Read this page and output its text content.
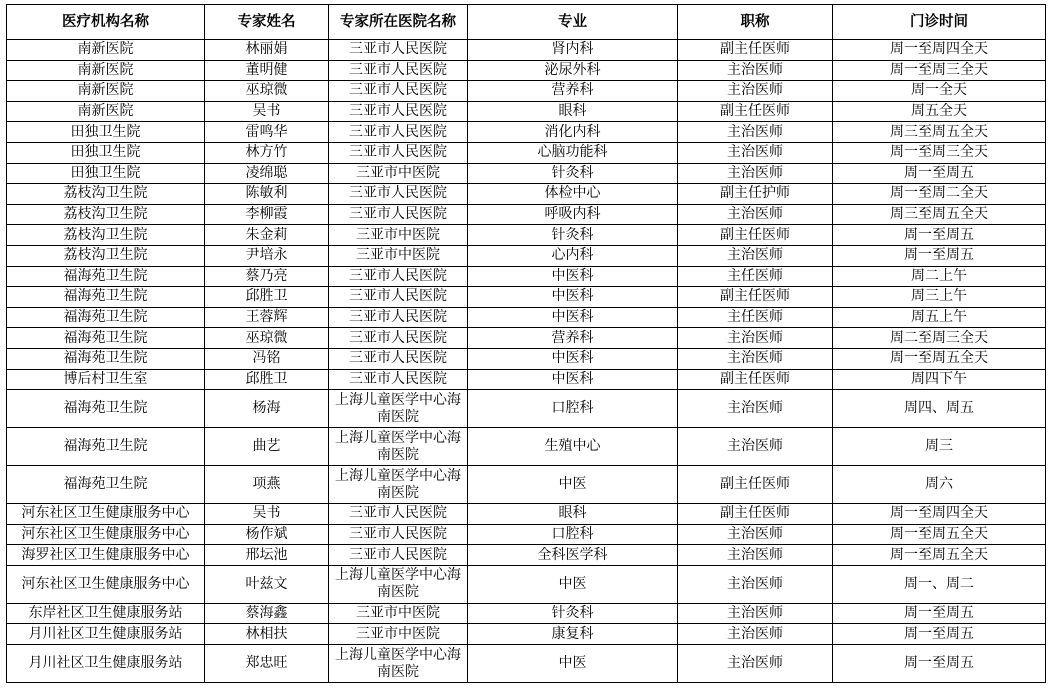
医疗机构名称	专家姓名	专家所在医院名称	专业	职称	门诊时间
南新医院	林丽娟	三亚市人民医院	肾内科	副主任医师	周一至周四全天
南新医院	董明健	三亚市人民医院	泌尿外科	主治医师	周一至周三全天
南新医院	巫琼微	三亚市人民医院	营养科	主治医师	周一全天
南新医院	吴书	三亚市人民医院	眼科	副主任医师	周五全天
田独卫生院	雷鸣华	三亚市人民医院	消化内科	主治医师	周三至周五全天
田独卫生院	林方竹	三亚市人民医院	心脑功能科	主治医师	周一至周三全天
田独卫生院	凌绵聪	三亚市中医院	针灸科	主治医师	周一至周五
荔枝沟卫生院	陈敏利	三亚市人民医院	体检中心	副主任护师	周一至周二全天
荔枝沟卫生院	李柳霞	三亚市人民医院	呼吸内科	主治医师	周三至周五全天
荔枝沟卫生院	朱金莉	三亚市中医院	针灸科	副主任医师	周一至周五
荔枝沟卫生院	尹培永	三亚市中医院	心内科	主治医师	周一至周五
福海苑卫生院	蔡乃亮	三亚市人民医院	中医科	主任医师	周二上午
福海苑卫生院	邱胜卫	三亚市人民医院	中医科	副主任医师	周三上午
福海苑卫生院	王蓉辉	三亚市人民医院	中医科	主任医师	周五上午
福海苑卫生院	巫琼微	三亚市人民医院	营养科	主治医师	周二至周三全天
福海苑卫生院	冯铭	三亚市人民医院	中医科	主治医师	周一至周五全天
博后村卫生室	邱胜卫	三亚市人民医院	中医科	副主任医师	周四下午
福海苑卫生院	杨海	上海儿童医学中心海南医院	口腔科	主治医师	周四、周五
福海苑卫生院	曲艺	上海儿童医学中心海南医院	生殖中心	主治医师	周三
福海苑卫生院	项燕	上海儿童医学中心海南医院	中医	副主任医师	周六
河东社区卫生健康服务中心	吴书	三亚市人民医院	眼科	副主任医师	周一至周四全天
河东社区卫生健康服务中心	杨作斌	三亚市人民医院	口腔科	主治医师	周一至周五全天
海罗社区卫生健康服务中心	邢坛池	三亚市人民医院	全科医学科	主治医师	周一至周五全天
河东社区卫生健康服务中心	叶兹文	上海儿童医学中心海南医院	中医	主治医师	周一、周二
东岸社区卫生健康服务站	蔡海鑫	三亚市中医院	针灸科	主治医师	周一至周五
月川社区卫生健康服务站	林相扶	三亚市中医院	康复科	主治医师	周一至周五
月川社区卫生健康服务站	郑忠旺	上海儿童医学中心海南医院	中医	主治医师	周一至周五
